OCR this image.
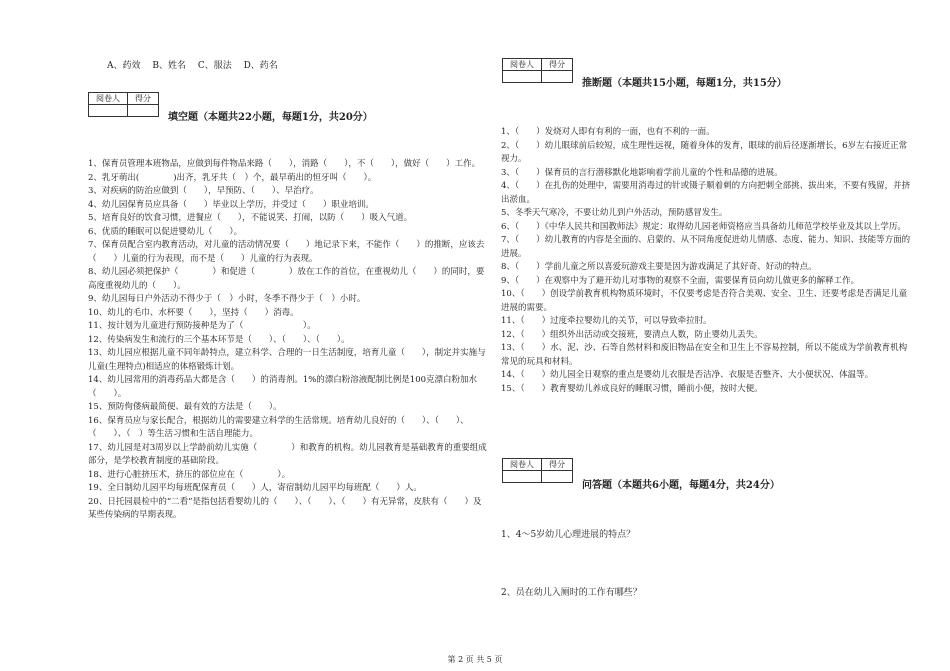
A、药效　 B、姓名　 C、服法　 D、药名
阅卷人	得分

填空题（本题共22小题，每题1分，共20分）
1、保育员管理本班物品，应做到每件物品来路（　　），消路（　　），不（　　），做好（　　）工作。
2、乳牙萌出(　　　　)出齐，乳牙共（　）个，最早萌出的恒牙叫（　　）。
3、对疾病的防治应做到（　　），早预防、（　　）、早治疗。
4、幼儿园保育员应具备（　　）毕业以上学历，并受过（　　）职业培训。
5、培育良好的饮食习惯，进餐应（　　），不能说笑、打闹，以防（　　）吸入气道。
6、优质的睡眠可以促进婴幼儿（　　）。
7、保育员配合室内教育活动，对儿童的活动情况要（　　）地记录下来，不能作（　　）的推断，应该去（　　）儿童的行为表现，而不是（　　）儿童的行为表现。
8、幼儿园必须把保护（　　　　）和促进（　　　　）放在工作的首位，在重视幼儿（　　）的同时，要高度重视幼儿的（　　）。
9、幼儿园每日户外活动不得少于（　）小时，冬季不得少于（　）小时。
10、幼儿的毛巾、水杯要（　　），坚持（　　）消毒。
11、按计划为儿童进行预防接种是为了（　　　　　　　）。
12、传染病发生和流行的三个基本环节是（　　）、（　　）、（　　）。
13、幼儿园应根据儿童不同年龄特点，建立科学、合理的一日生活制度，培育儿童（　　），制定并实施与儿童(生理特点)相适应的体格锻炼计划。
14、幼儿园常用的消毒药品大都是含（　　）的消毒剂。1%的漂白粉溶液配制比例是100克漂白粉加水（　　）。
15、预防佝偻病最简便、最有效的方法是（　　）。
16、保育员应与家长配合，根据幼儿的需要建立科学的生活常规。培育幼儿良好的（　　）、（　　）、（　　）、（　）等生活习惯和生活自理能力。
17、幼儿园是对3周岁以上学龄前幼儿实施（　　　　）和教育的机构。幼儿园教育是基础教育的重要组成部分，是学校教育制度的基础阶段。
18、进行心脏挤压术，挤压的部位应在（　　　　）。
19、全日制幼儿园平均每班配保育员（　　）人，寄宿制幼儿园平均每班配（　　）人。
20、日托园晨检中的“二看”是指包括看婴幼儿的（　　）、（　　）、（　　）有无异常，皮肤有（　　）及某些传染病的早期表现。
阅卷人	得分

推断题（本题共15小题，每题1分，共15分）
1、（　　）发烧对人即有有利的一面，也有不利的一面。
2、（　　）幼儿眼球前后较短，成生理性远视，随着身体的发育，眼球的前后径逐渐增长，6岁左右接近正常视力。
3、（　　）保育员的言行潜移默化地影响着学前儿童的个性和品德的进展。
4、（　　）在扎伤的处理中，需要用消毒过的针或镊子顺着刺的方向把刺全部挑、拔出来，不要有残留，并挤出淤血。
5、冬季天气寒冷，不要让幼儿到户外活动，预防感冒发生。
6、（　　）《中华人民共和国教师法》规定：取得幼儿园老师资格应当具备幼儿师范学校毕业及其以上学历。
7、（　　）幼儿教育的内容是全面的、启蒙的、从不同角度促进幼儿情感、态度、能力、知识、技能等方面的进展。
8、（　　）学前儿童之所以喜爱玩游戏主要是因为游戏满足了其好奇、好动的特点。
9、（　　）在观察中为了避开幼儿对事物的观察不全面，需要保育员向幼儿做更多的解释工作。
10、（　　）创设学前教育机构物质环境时，不仅要考虑是否符合美观、安全、卫生、还要考虑是否满足儿童进展的需要。
11、（　　）过度牵拉婴幼儿的关节，可以导致牵拉肘。
12、（　　）组织外出活动或交接班，要清点人数，防止婴幼儿丢失。
13、（　　）水、泥、沙、石等自然材料和废旧物品在安全和卫生上不容易控制，所以不能成为学前教育机构常见的玩具和材料。
14、（　　）幼儿园全日观察的重点是婴幼儿衣服是否洁净、衣服是否整齐、大小便状况、体温等。
15、（　　）教育婴幼儿养成良好的睡眠习惯，睡前小便，按时大便。
阅卷人	得分

问答题（本题共6小题，每题4分，共24分）
1、4～5岁幼儿心理进展的特点？
2、员在幼儿入厕时的工作有哪些？
第 2 页 共 5 页
